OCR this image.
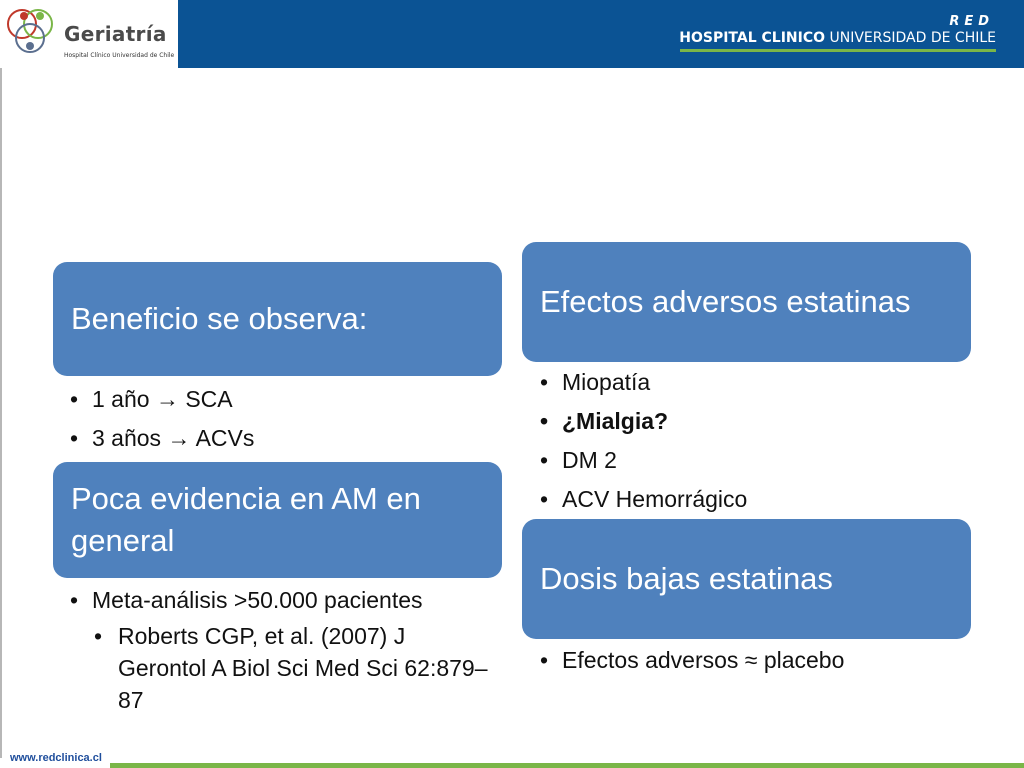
Geriatría
Hospital Clínico Universidad de Chile
RED
HOSPITAL CLINICO UNIVERSIDAD DE CHILE
Beneficio se observa:
• 1 año → SCA
• 3 años → ACVs
Poca evidencia en AM en general
• Meta-análisis >50.000 pacientes
• Roberts CGP, et al. (2007) J Gerontol A Biol Sci Med Sci 62:879–87
Efectos adversos estatinas
• Miopatía
• ¿Mialgia?
• DM 2
• ACV Hemorrágico
Dosis bajas estatinas
• Efectos adversos ≈ placebo
www.redclinica.cl
